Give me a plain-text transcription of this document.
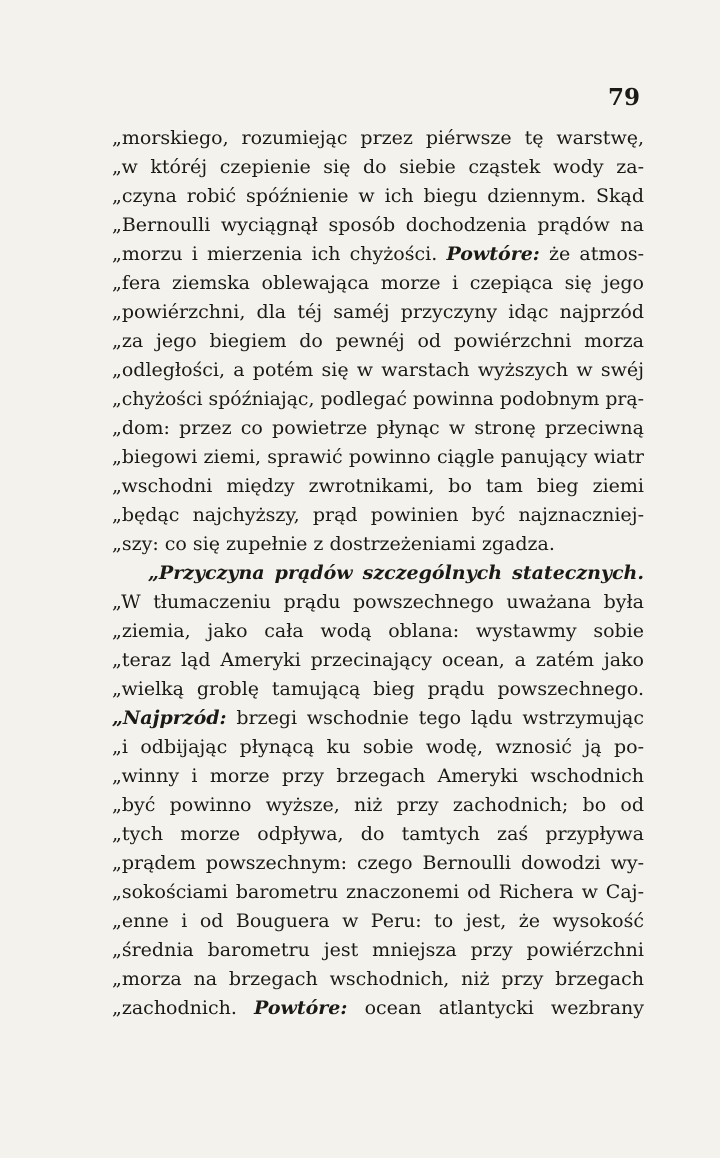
79
„morskiego, rozumiejąc przez piérwsze tę warstwę,
„w któréj czepienie się do siebie cząstek wody za-
„czyna robić spóźnienie w ich biegu dziennym. Skąd
„Bernoulli wyciągnął sposób dochodzenia prądów na
„morzu i mierzenia ich chyżości. Powtóre: że atmos-
„fera ziemska oblewająca morze i czepiąca się jego
„powiérzchni, dla téj saméj przyczyny idąc najprzód
„za jego biegiem do pewnéj od powiérzchni morza
„odległości, a potém się w warstach wyższych w swéj
„chyżości spóźniając, podlegać powinna podobnym prą-
„dom: przez co powietrze płynąc w stronę przeciwną
„biegowi ziemi, sprawić powinno ciągle panujący wiatr
„wschodni między zwrotnikami, bo tam bieg ziemi
„będąc najchyższy, prąd powinien być najznaczniej-
„szy: co się zupełnie z dostrzeżeniami zgadza.
„Przyczyna prądów szczególnych statecznych.
„W tłumaczeniu prądu powszechnego uważana była
„ziemia, jako cała wodą oblana: wystawmy sobie
„teraz ląd Ameryki przecinający ocean, a zatém jako
„wielką groblę tamującą bieg prądu powszechnego.
„Najprzód: brzegi wschodnie tego lądu wstrzymując
„i odbijając płynącą ku sobie wodę, wznosić ją po-
„winny i morze przy brzegach Ameryki wschodnich
„być powinno wyższe, niż przy zachodnich; bo od
„tych morze odpływa, do tamtych zaś przypływa
„prądem powszechnym: czego Bernoulli dowodzi wy-
„sokościami barometru znaczonemi od Richera w Caj-
„enne i od Bouguera w Peru: to jest, że wysokość
„średnia barometru jest mniejsza przy powiérzchni
„morza na brzegach wschodnich, niż przy brzegach
„zachodnich. Powtóre: ocean atlantycki wezbrany
